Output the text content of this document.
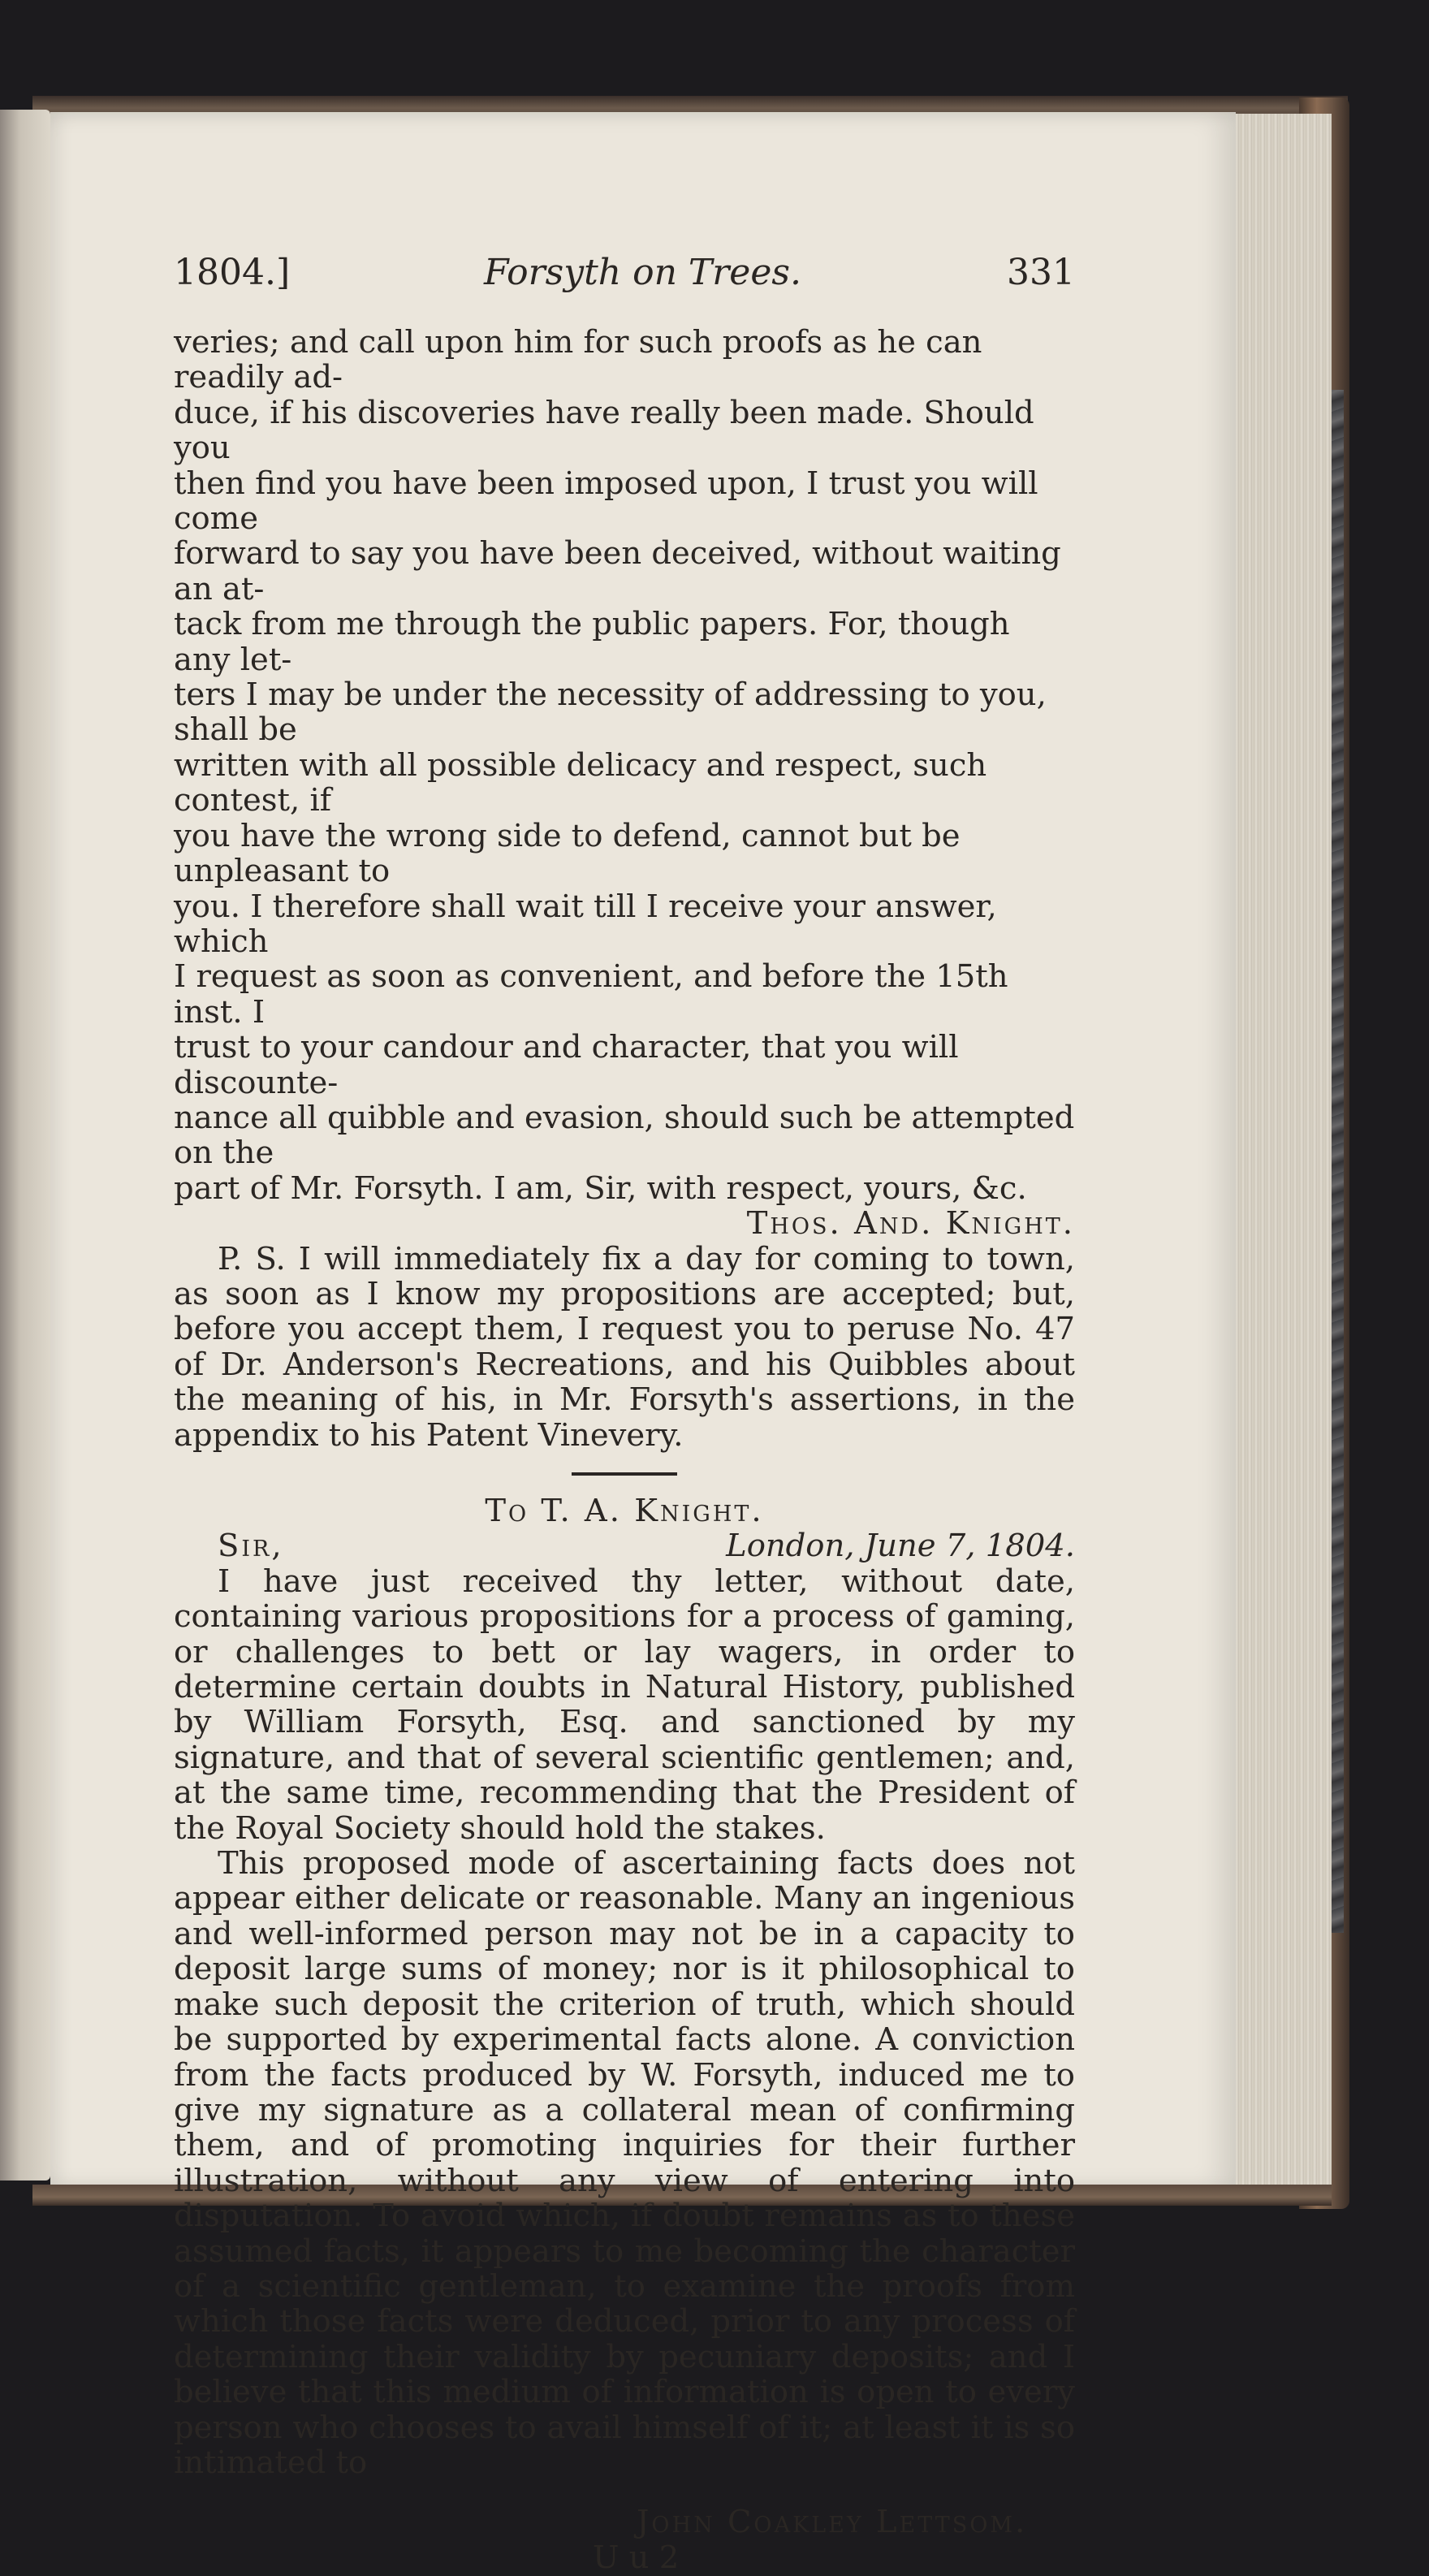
1804.]	Forsyth on Trees.	331

veries; and call upon him for such proofs as he can readily ad-

duce, if his discoveries have really been made. Should you

then find you have been imposed upon, I trust you will come

forward to say you have been deceived, without waiting an at-

tack from me through the public papers. For, though any let-

ters I may be under the necessity of addressing to you, shall be

written with all possible delicacy and respect, such contest, if

you have the wrong side to defend, cannot but be unpleasant to

you. I therefore shall wait till I receive your answer, which

I request as soon as convenient, and before the 15th inst. I

trust to your candour and character, that you will discounte-

nance all quibble and evasion, should such be attempted on the

part of Mr. Forsyth. I am, Sir, with respect, yours, &c.

Thos. And. Knight.

P. S. I will immediately fix a day for coming to town, as soon as I know my propositions are accepted; but, before you accept them, I request you to peruse No. 47 of Dr. Anderson's Recreations, and his Quibbles about the meaning of his, in Mr. Forsyth's assertions, in the appendix to his Patent Vinevery.

To T. A. Knight.

Sir,	London, June 7, 1804.

I have just received thy letter, without date, containing various propositions for a process of gaming, or challenges to bett or lay wagers, in order to determine certain doubts in Natural History, published by William Forsyth, Esq. and sanctioned by my signature, and that of several scientific gentlemen; and, at the same time, recommending that the President of the Royal Society should hold the stakes.

This proposed mode of ascertaining facts does not appear either delicate or reasonable. Many an ingenious and well-informed person may not be in a capacity to deposit large sums of money; nor is it philosophical to make such deposit the criterion of truth, which should be supported by experimental facts alone. A conviction from the facts produced by W. Forsyth, induced me to give my signature as a collateral mean of confirming them, and of promoting inquiries for their further illustration, without any view of entering into disputation. To avoid which, if doubt remains as to these assumed facts, it appears to me becoming the character of a scientific gentleman, to examine the proofs from which those facts were deduced, prior to any process of determining their validity by pecuniary deposits; and I believe that this medium of information is open to every person who chooses to avail himself of it; at least it is so intimated to

John Coakley Lettsom.

U u 2
